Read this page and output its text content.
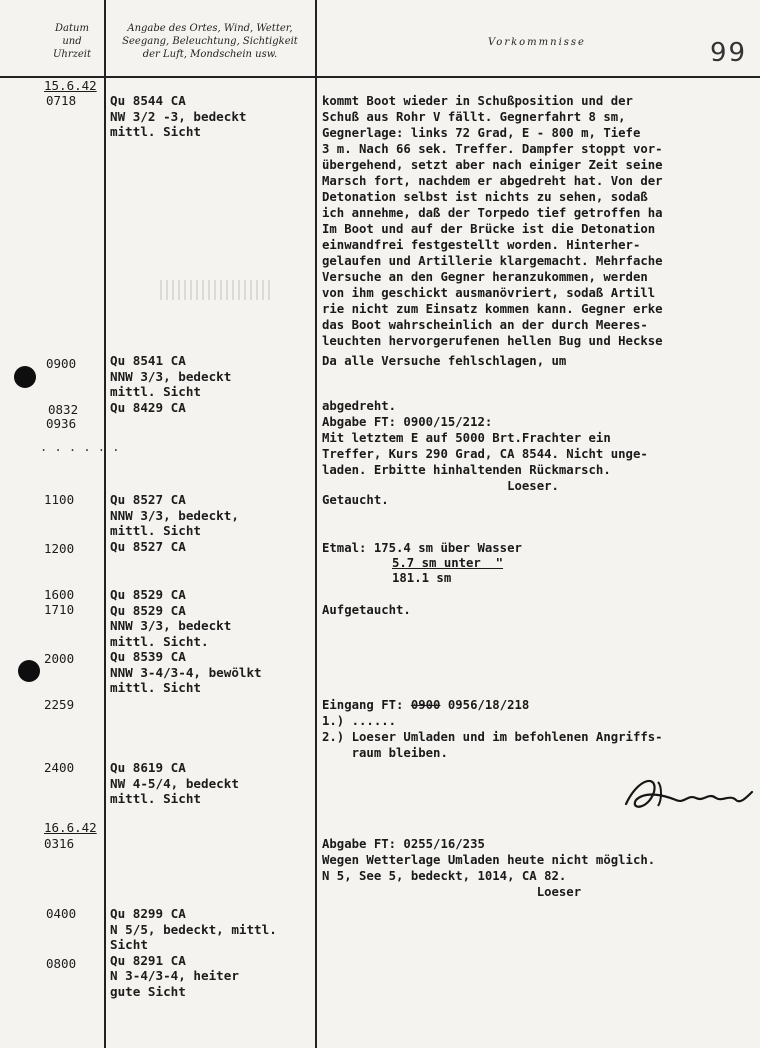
Datum
und
Uhrzeit
Angabe des Ortes, Wind, Wetter,
Seegang, Beleuchtung, Sichtigkeit
der Luft, Mondschein usw.
Vorkommnisse	99
15.6.42
16.6.42
0718
0900
0832
0936
. . . . . .
1100
1200
1600
1710
2000
2259
2400
0316
0400
0800
Qu 8544 CA
NW 3/2 -3, bedeckt
mittl. Sicht
Qu 8541 CA
NNW 3/3, bedeckt
mittl. Sicht
Qu 8429 CA
Qu 8527 CA
NNW 3/3, bedeckt,
mittl. Sicht
Qu 8527 CA
Qu 8529 CA
Qu 8529 CA
NNW 3/3, bedeckt
mittl. Sicht.
Qu 8539 CA
NNW 3-4/3-4, bewölkt
mittl. Sicht
Qu 8619 CA
NW 4-5/4, bedeckt
mittl. Sicht
Qu 8299 CA
N 5/5, bedeckt, mittl.
Sicht
Qu 8291 CA
N 3-4/3-4, heiter
gute Sicht
kommt Boot wieder in Schußposition und der
Schuß aus Rohr V fällt. Gegnerfahrt 8 sm,
Gegnerlage: links 72 Grad, E - 800 m, Tiefe
3 m. Nach 66 sek. Treffer. Dampfer stoppt vor-
übergehend, setzt aber nach einiger Zeit seine
Marsch fort, nachdem er abgedreht hat. Von der
Detonation selbst ist nichts zu sehen, sodaß
ich annehme, daß der Torpedo tief getroffen ha
Im Boot und auf der Brücke ist die Detonation
einwandfrei festgestellt worden. Hinterher-
gelaufen und Artillerie klargemacht. Mehrfache
Versuche an den Gegner heranzukommen, werden
von ihm geschickt ausmanövriert, sodaß Artill
rie nicht zum Einsatz kommen kann. Gegner erke
das Boot wahrscheinlich an der durch Meeres-
leuchten hervorgerufenen hellen Bug und Heckse
Da alle Versuche fehlschlagen, um
abgedreht.
Abgabe FT: 0900/15/212:
Mit letztem E auf 5000 Brt.Frachter ein
Treffer, Kurs 290 Grad, CA 8544. Nicht unge-
laden. Erbitte hinhaltenden Rückmarsch.
Loeser.
Getaucht.
Etmal: 175.4 sm über Wasser
5.7 sm unter  "
181.1 sm
Aufgetaucht.
Eingang FT: 0900 0956/18/218
1.) ......
2.) Loeser Umladen und im befohlenen Angriffs-
raum bleiben.
Abgabe FT: 0255/16/235
Wegen Wetterlage Umladen heute nicht möglich.
N 5, See 5, bedeckt, 1014, CA 82.
Loeser
